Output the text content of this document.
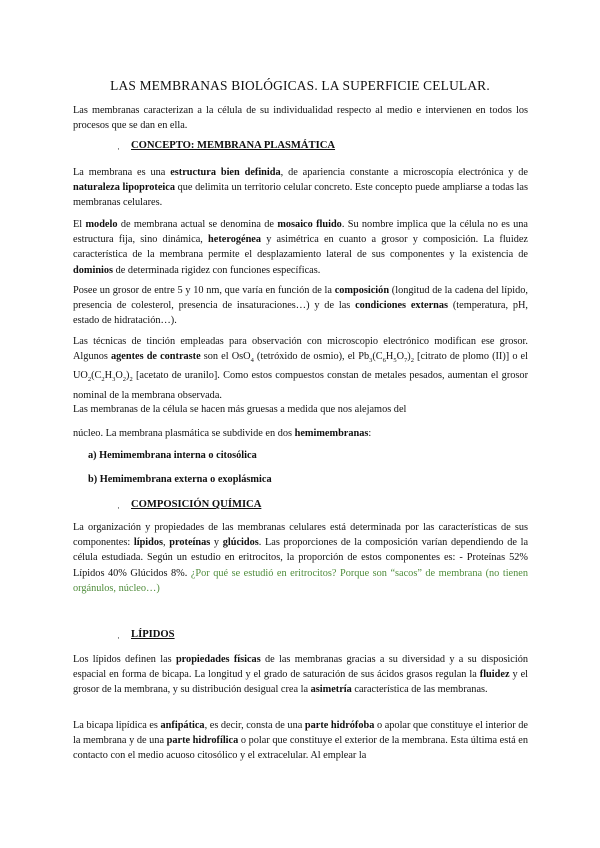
LAS MEMBRANAS BIOLÓGICAS. LA SUPERFICIE CELULAR.

Las membranas caracterizan a la célula de su individualidad respecto al medio e intervienen en todos los procesos que se dan en ella.

· CONCEPTO: MEMBRANA PLASMÁTICA

La membrana es una estructura bien definida, de apariencia constante a microscopía electrónica y de naturaleza lipoproteica que delimita un territorio celular concreto. Este concepto puede ampliarse a todas las membranas celulares.

El modelo de membrana actual se denomina de mosaico fluido. Su nombre implica que la célula no es una estructura fija, sino dinámica, heterogénea y asimétrica en cuanto a grosor y composición. La fluidez característica de la membrana permite el desplazamiento lateral de sus componentes y la existencia de dominios de determinada rigidez con funciones específicas.

Posee un grosor de entre 5 y 10 nm, que varía en función de la composición (longitud de la cadena del lípido, presencia de colesterol, presencia de insaturaciones…) y de las condiciones externas (temperatura, pH, estado de hidratación…).

Las técnicas de tinción empleadas para observación con microscopio electrónico modifican ese grosor. Algunos agentes de contraste son el OsO$_4$ (tetróxido de osmio), el $Pb_3(C_6H_5O_7)_2$ [citrato de plomo (II)] o el $UO_2(C_2H_3O_2)_2$ [acetato de uranilo]. Como estos compuestos constan de metales pesados, aumentan el grosor nominal de la membrana observada.

Las membranas de la célula se hacen más gruesas a medida que nos alejamos del

núcleo. La membrana plasmática se subdivide en dos hemimembranas:

a) Hemimembrana interna o citosólica

b) Hemimembrana externa o exoplásmica

· COMPOSICIÓN QUÍMICA

La organización y propiedades de las membranas celulares está determinada por las características de sus componentes: lípidos, proteínas y glúcidos. Las proporciones de la composición varían dependiendo de la célula estudiada. Según un estudio en eritrocitos, la proporción de estos componentes es: - Proteínas 52% Lípidos 40% Glúcidos 8%. ¿Por qué se estudió en eritrocitos? Porque son “sacos” de membrana (no tienen orgánulos, núcleo…)

· LÍPIDOS

Los lípidos definen las propiedades físicas de las membranas gracias a su diversidad y a su disposición espacial en forma de bicapa. La longitud y el grado de saturación de sus ácidos grasos regulan la fluidez y el grosor de la membrana, y su distribución desigual crea la asimetría característica de las membranas.

La bicapa lipídica es anfipática, es decir, consta de una parte hidrófoba o apolar que constituye el interior de la membrana y de una parte hidrofílica o polar que constituye el exterior de la membrana. Esta última está en contacto con el medio acuoso citosólico y el extracelular. Al emplear la
